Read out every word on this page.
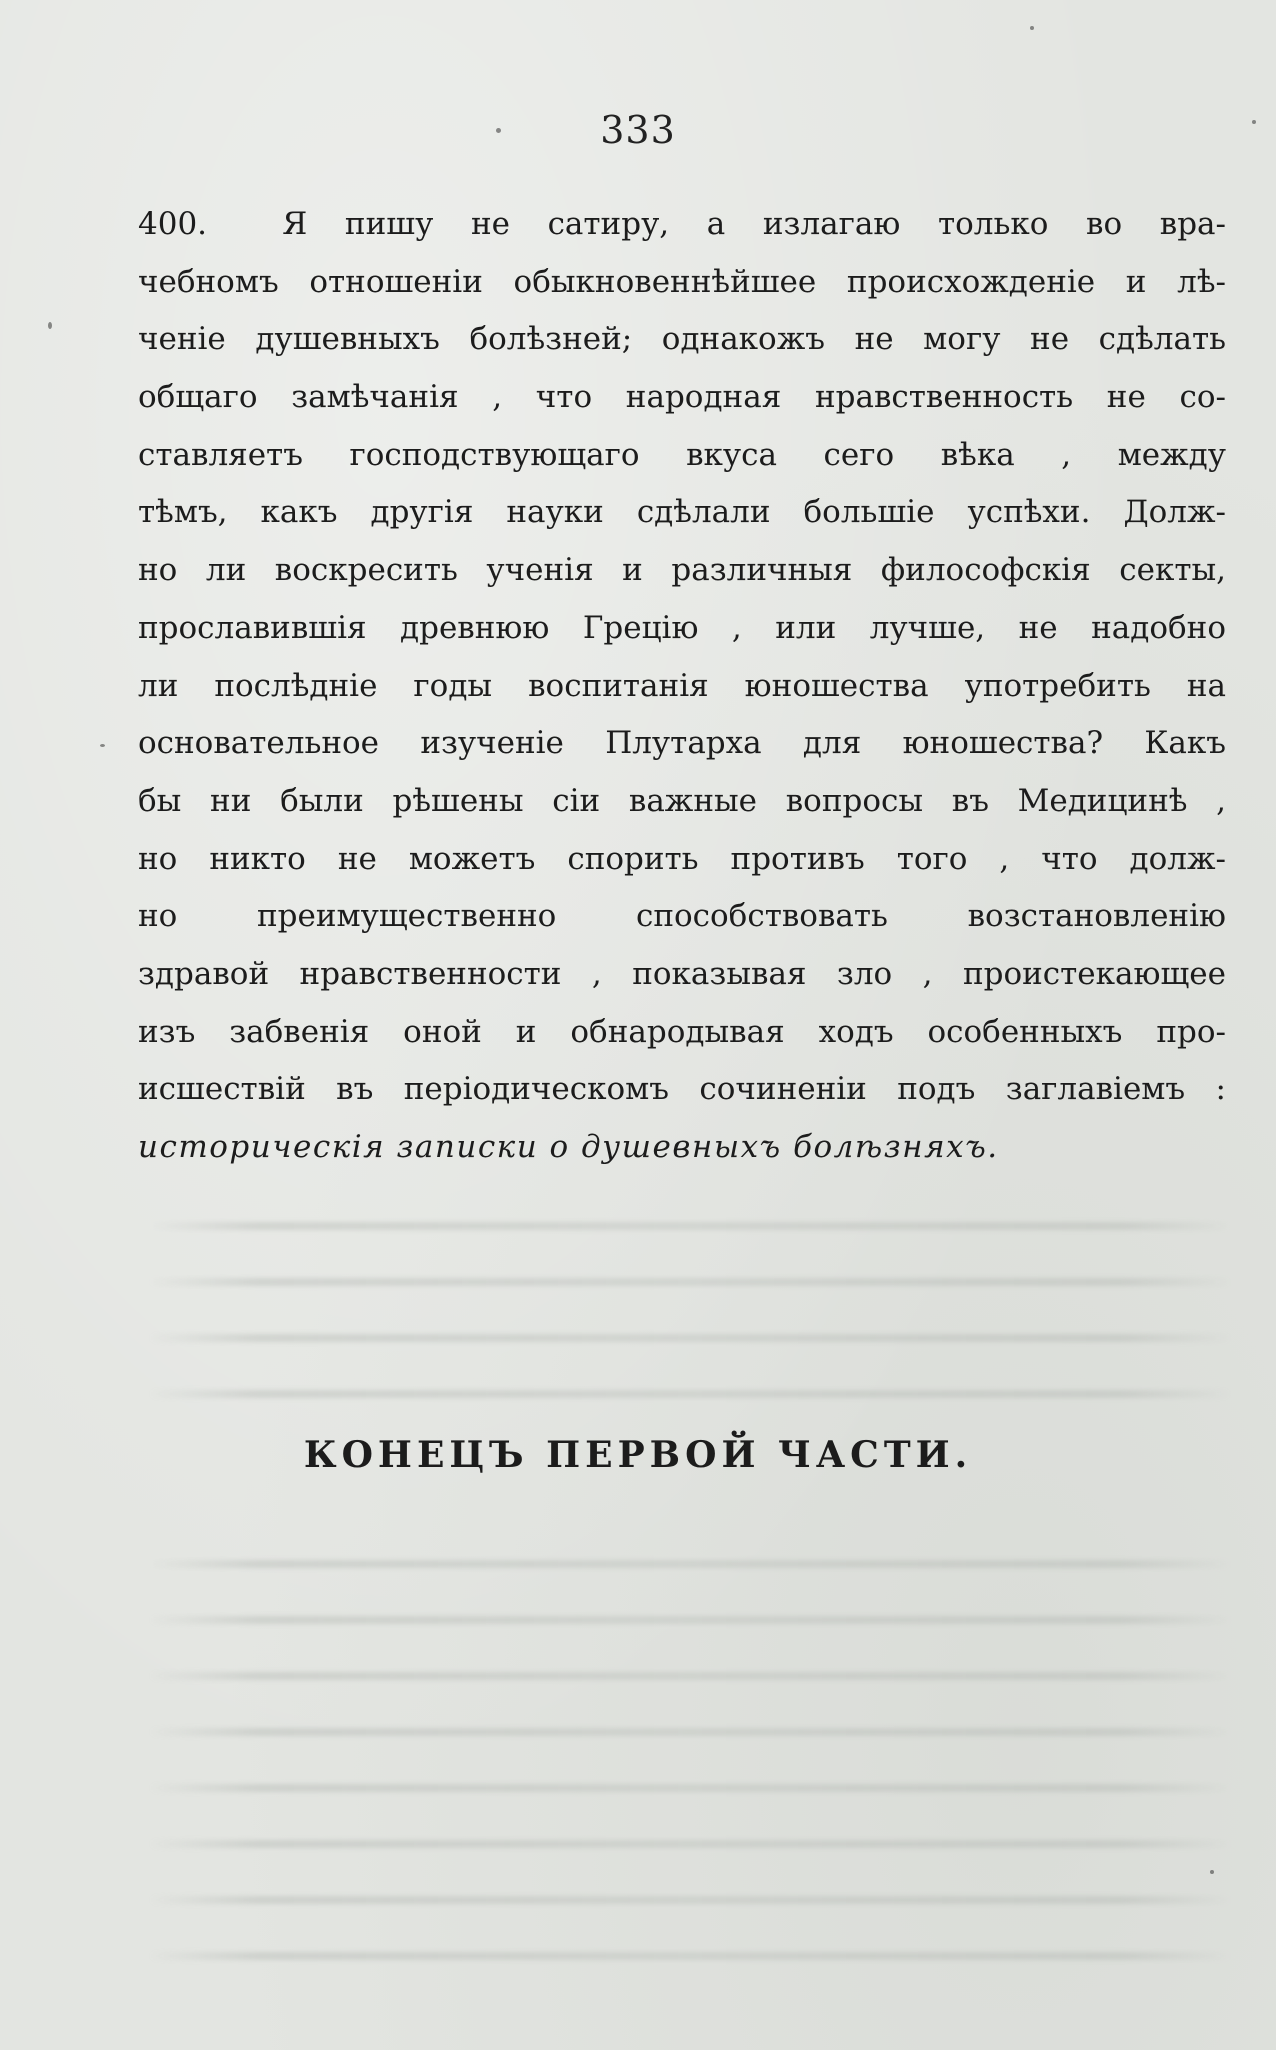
333
400. Я пишу не сатиру, а излагаю только во вра-
чебномъ отношеніи обыкновеннѣйшее происхожденіе и лѣ-
ченіе душевныхъ болѣзней; однакожъ не могу не сдѣлать
общаго замѣчанія , что народная нравственность не со-
ставляетъ господствующаго вкуса сего вѣка , между
тѣмъ, какъ другія науки сдѣлали большіе успѣхи. Долж-
но ли воскресить ученія и различныя философскія секты,
прославившія древнюю Грецію , или лучше, не надобно
ли послѣдніе годы воспитанія юношества употребить на
основательное изученіе Плутарха для юношества? Какъ
бы ни были рѣшены сіи важные вопросы въ Медицинѣ ,
но никто не можетъ спорить противъ того , что долж-
но преимущественно способствовать возстановленію
здравой нравственности , показывая зло , проистекающее
изъ забвенія оной и обнародывая ходъ особенныхъ про-
исшествій въ періодическомъ сочиненіи подъ заглавіемъ :
историческія записки о душевныхъ болѣзняхъ.
КОНЕЦЪ ПЕРВОЙ ЧАСТИ.
